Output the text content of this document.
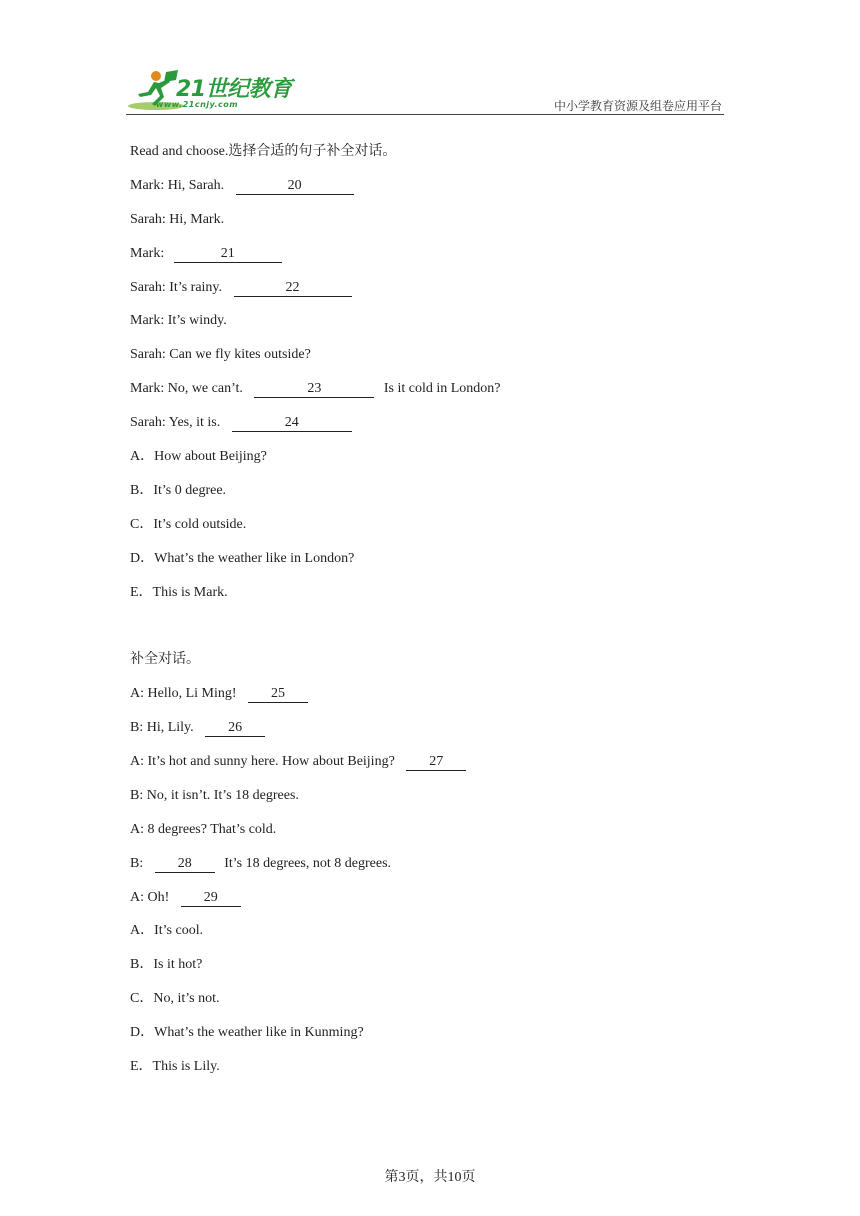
21世纪教育
www.21cnjy.com	中小学教育资源及组卷应用平台
Read and choose.选择合适的句子补全对话。
Mark: Hi, Sarah.	20
Sarah: Hi, Mark.
Mark:	21
Sarah: It’s rainy.	22
Mark: It’s windy.
Sarah: Can we fly kites outside?
Mark: No, we can’t.	23	Is it cold in London?
Sarah: Yes, it is.	24
A．How about Beijing?
B．It’s 0 degree.
C．It’s cold outside.
D．What’s the weather like in London?
E．This is Mark.
补全对话。
A: Hello, Li Ming! 25
B: Hi, Lily. 26
A: It’s hot and sunny here. How about Beijing? 27
B: No, it isn’t. It’s 18 degrees.
A: 8 degrees? That’s cold.
B: 28 It’s 18 degrees, not 8 degrees.
A: Oh! 29
A．It’s cool.
B．Is it hot?
C．No, it’s not.
D．What’s the weather like in Kunming?
E．This is Lily.
第3页，共10页
